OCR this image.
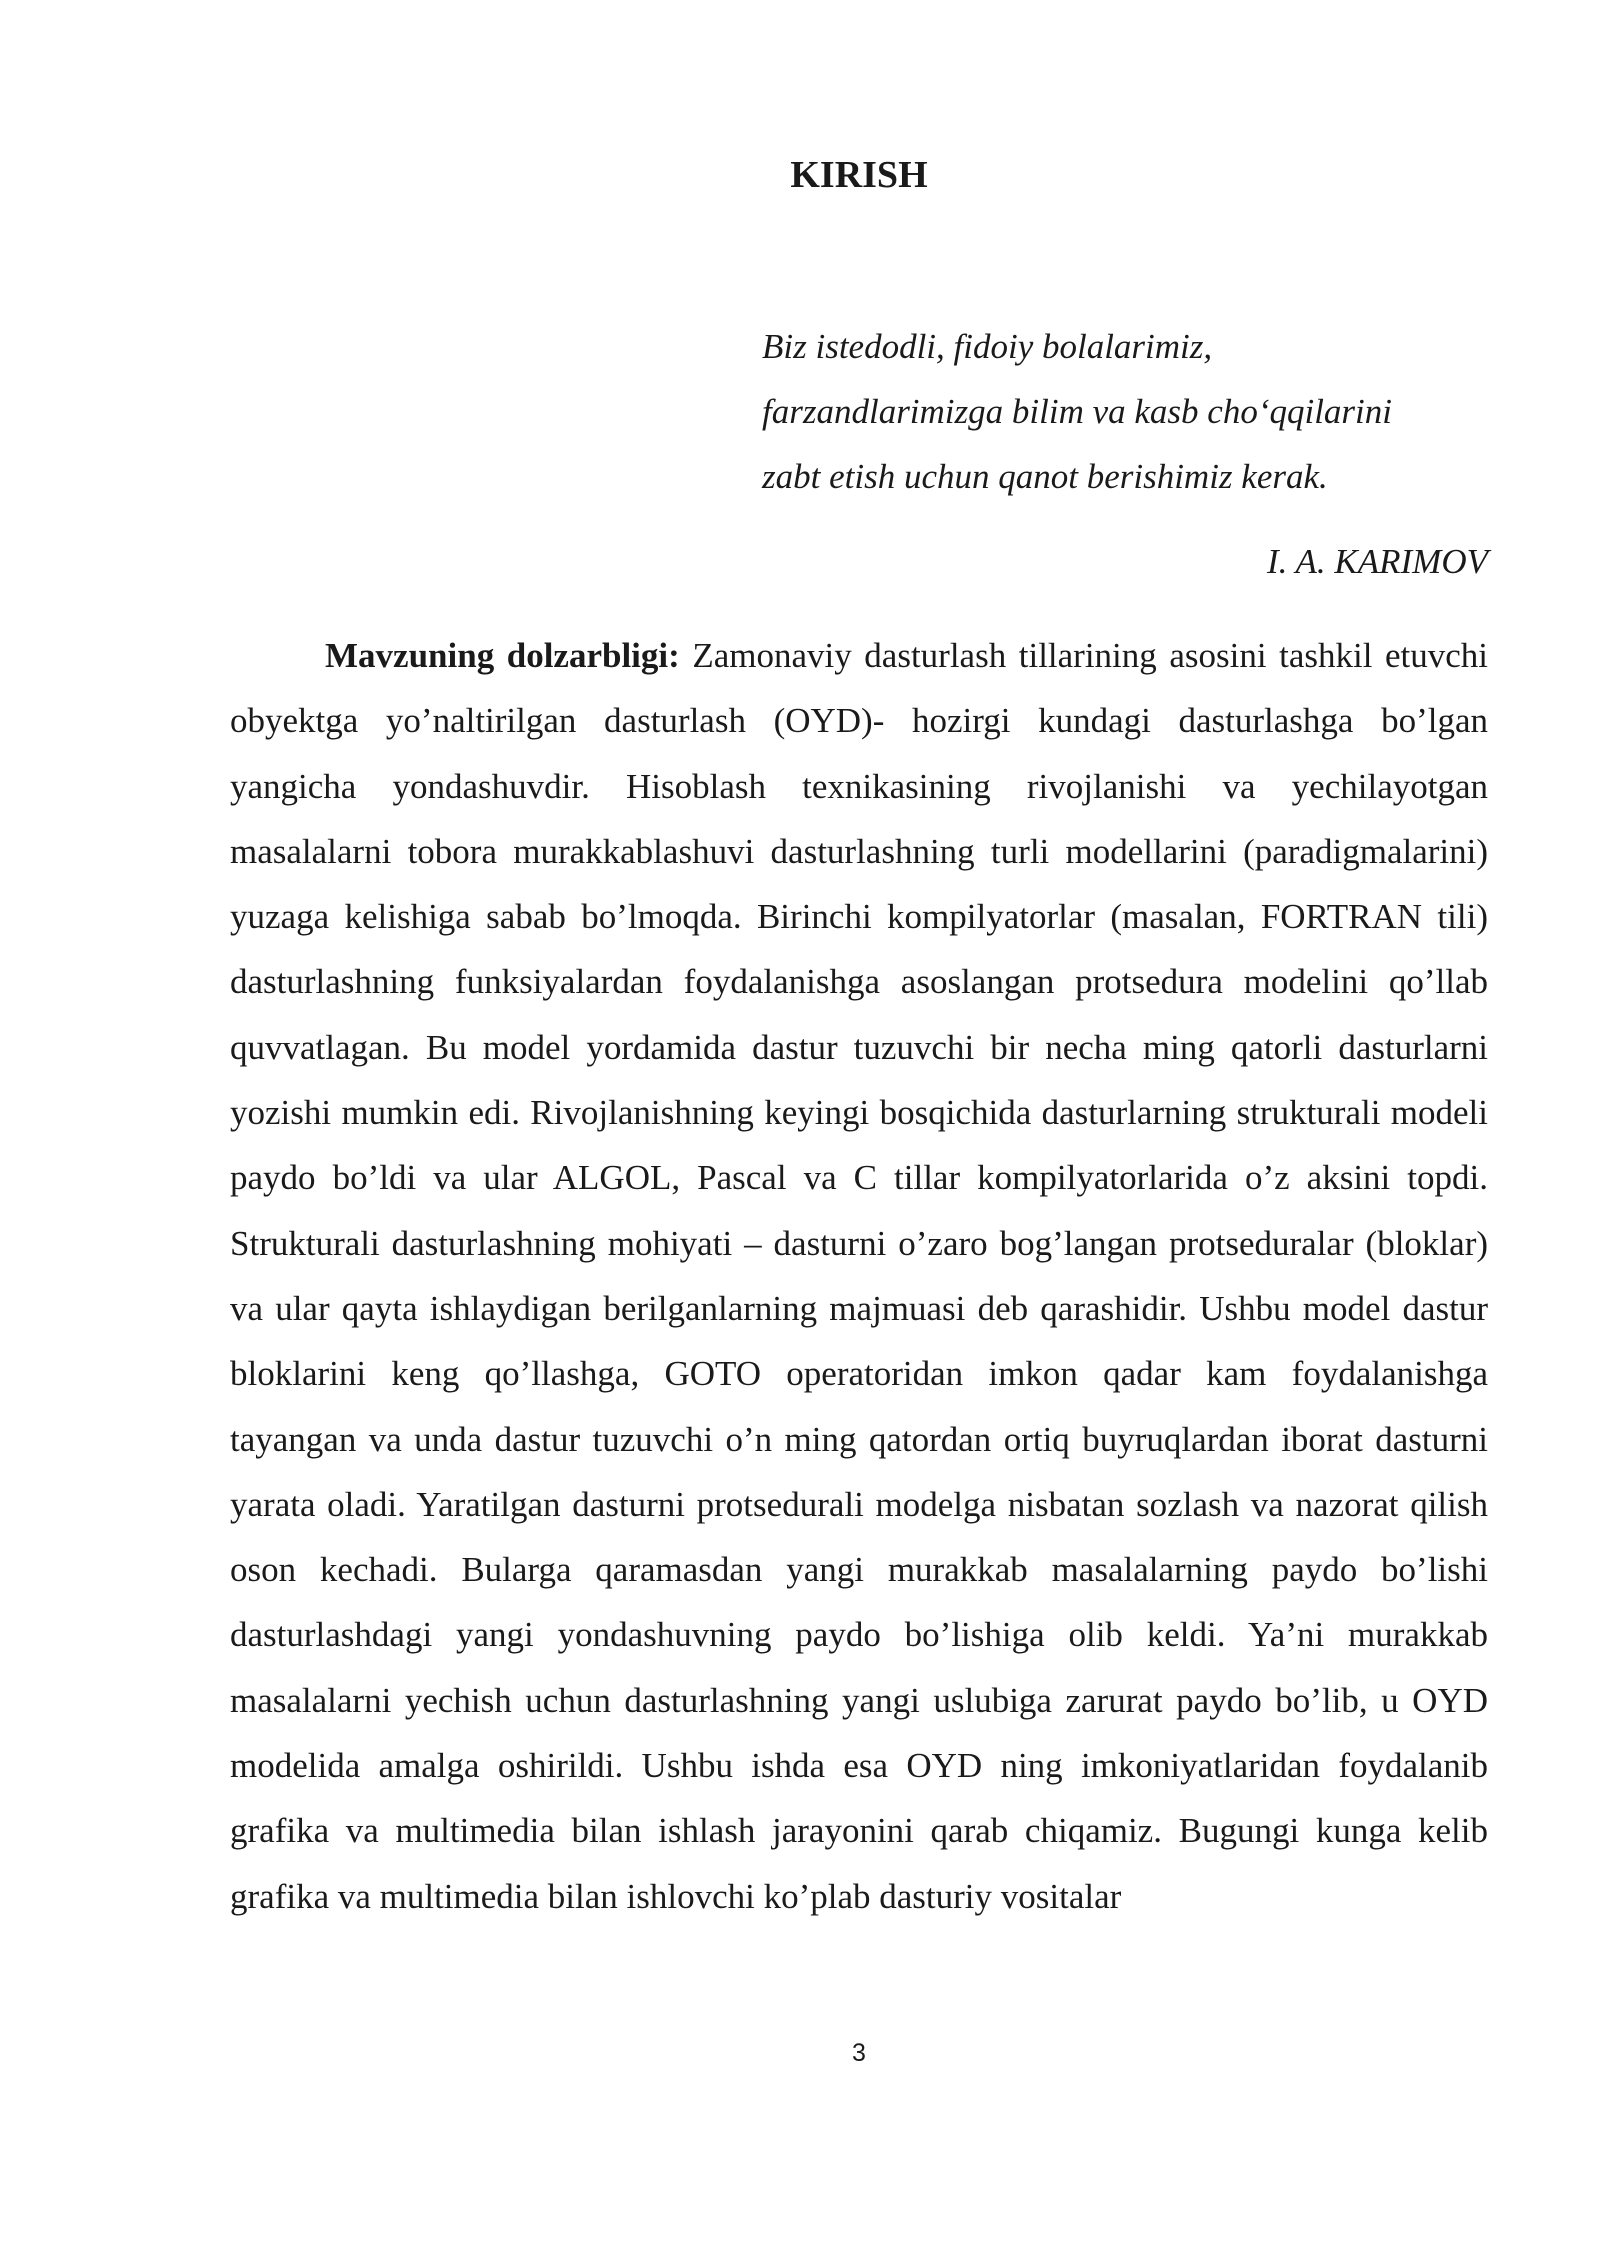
KIRISH
Biz istedodli, fidoiy bolalarimiz,
farzandlarimizga bilim va kasb cho‘qqilarini
zabt etish uchun qanot berishimiz kerak.
I. A. KARIMOV

Mavzuning dolzarbligi: Zamonaviy dasturlash tillarining asosini tashkil etuvchi obyektga yo’naltirilgan dasturlash (OYD)- hozirgi kundagi dasturlashga bo’lgan yangicha yondashuvdir. Hisoblash texnikasining rivojlanishi va yechilayotgan masalalarni tobora murakkablashuvi dasturlashning turli modellarini (paradigmalarini) yuzaga kelishiga sabab bo’lmoqda. Birinchi kompilyatorlar (masalan, FORTRAN tili) dasturlashning funksiyalardan foydalanishga asoslangan protsedura modelini qo’llab quvvatlagan. Bu model yordamida dastur tuzuvchi bir necha ming qatorli dasturlarni yozishi mumkin edi. Rivojlanishning keyingi bosqichida dasturlarning strukturali modeli paydo bo’ldi va ular ALGOL, Pascal va C tillar kompilyatorlarida o’z aksini topdi. Strukturali dasturlashning mohiyati – dasturni o’zaro bog’langan protseduralar (bloklar) va ular qayta ishlaydigan berilganlarning majmuasi deb qarashidir. Ushbu model dastur bloklarini keng qo’llashga, GOTO operatoridan imkon qadar kam foydalanishga tayangan va unda dastur tuzuvchi o’n ming qatordan ortiq buyruqlardan iborat dasturni yarata oladi. Yaratilgan dasturni protsedurali modelga nisbatan sozlash va nazorat qilish oson kechadi. Bularga qaramasdan yangi murakkab masalalarning paydo bo’lishi dasturlashdagi yangi yondashuvning paydo bo’lishiga olib keldi. Ya’ni murakkab masalalarni yechish uchun dasturlashning yangi uslubiga zarurat paydo bo’lib, u OYD modelida amalga oshirildi. Ushbu ishda esa OYD ning imkoniyatlaridan foydalanib grafika va multimedia bilan ishlash jarayonini qarab chiqamiz. Bugungi kunga kelib grafika va multimedia bilan ishlovchi ko’plab dasturiy vositalar

3
